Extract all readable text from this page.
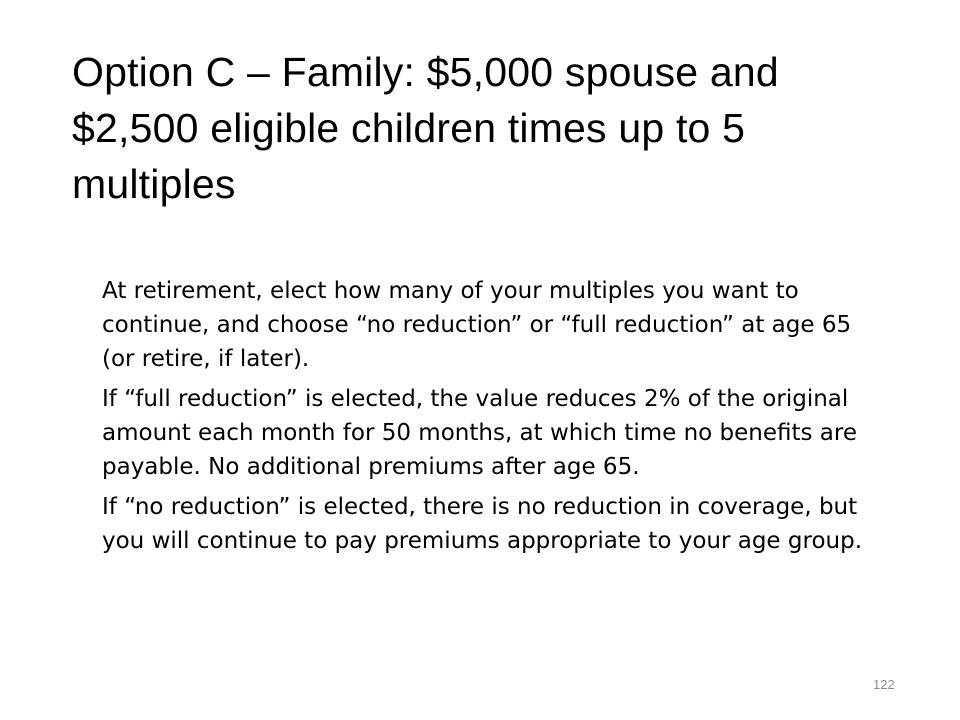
Option C – Family: $5,000 spouse and $2,500 eligible children times up to 5 multiples

At retirement, elect how many of your multiples you want to continue, and choose “no reduction” or “full reduction” at age 65 (or retire, if later).

If “full reduction” is elected, the value reduces 2% of the original amount each month for 50 months, at which time no benefits are payable. No additional premiums after age 65.

If “no reduction” is elected, there is no reduction in coverage, but you will continue to pay premiums appropriate to your age group.

122
